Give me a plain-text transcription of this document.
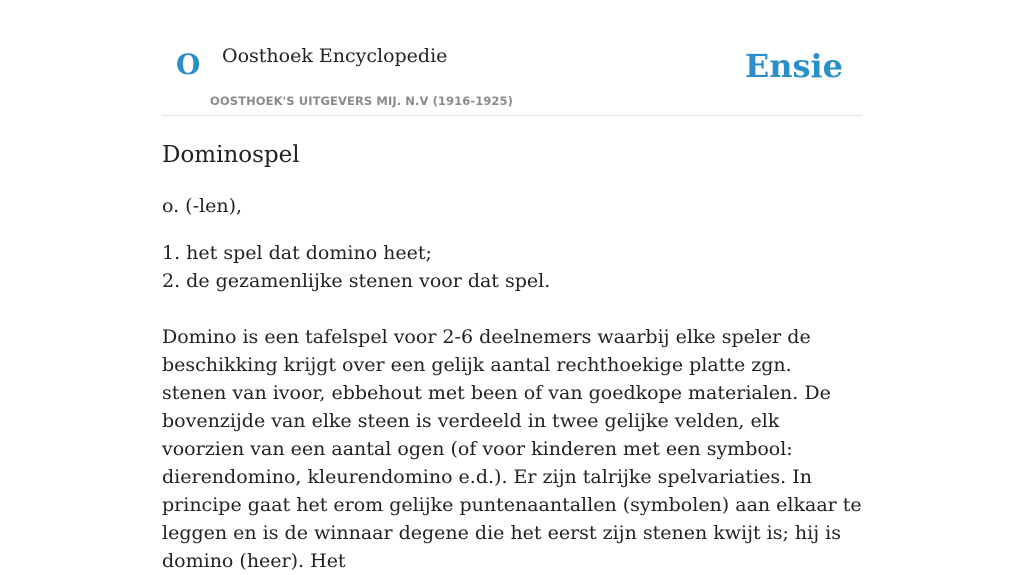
O Oosthoek Encyclopedie
OOSTHOEK'S UITGEVERS MIJ. N.V (1916-1925)
Ensie
Dominospel

o. (-len),

1. het spel dat domino heet;
2. de gezamenlijke stenen voor dat spel.

Domino is een tafelspel voor 2-6 deelnemers waarbij elke speler de beschikking krijgt over een gelijk aantal rechthoekige platte zgn. stenen van ivoor, ebbehout met been of van goedkope materialen. De bovenzijde van elke steen is verdeeld in twee gelijke velden, elk voorzien van een aantal ogen (of voor kinderen met een symbool: dierendomino, kleurendomino e.d.). Er zijn talrijke spelvariaties. In principe gaat het erom gelijke puntenaantallen (symbolen) aan elkaar te leggen en is de winnaar degene die het eerst zijn stenen kwijt is; hij is domino (heer). Het
